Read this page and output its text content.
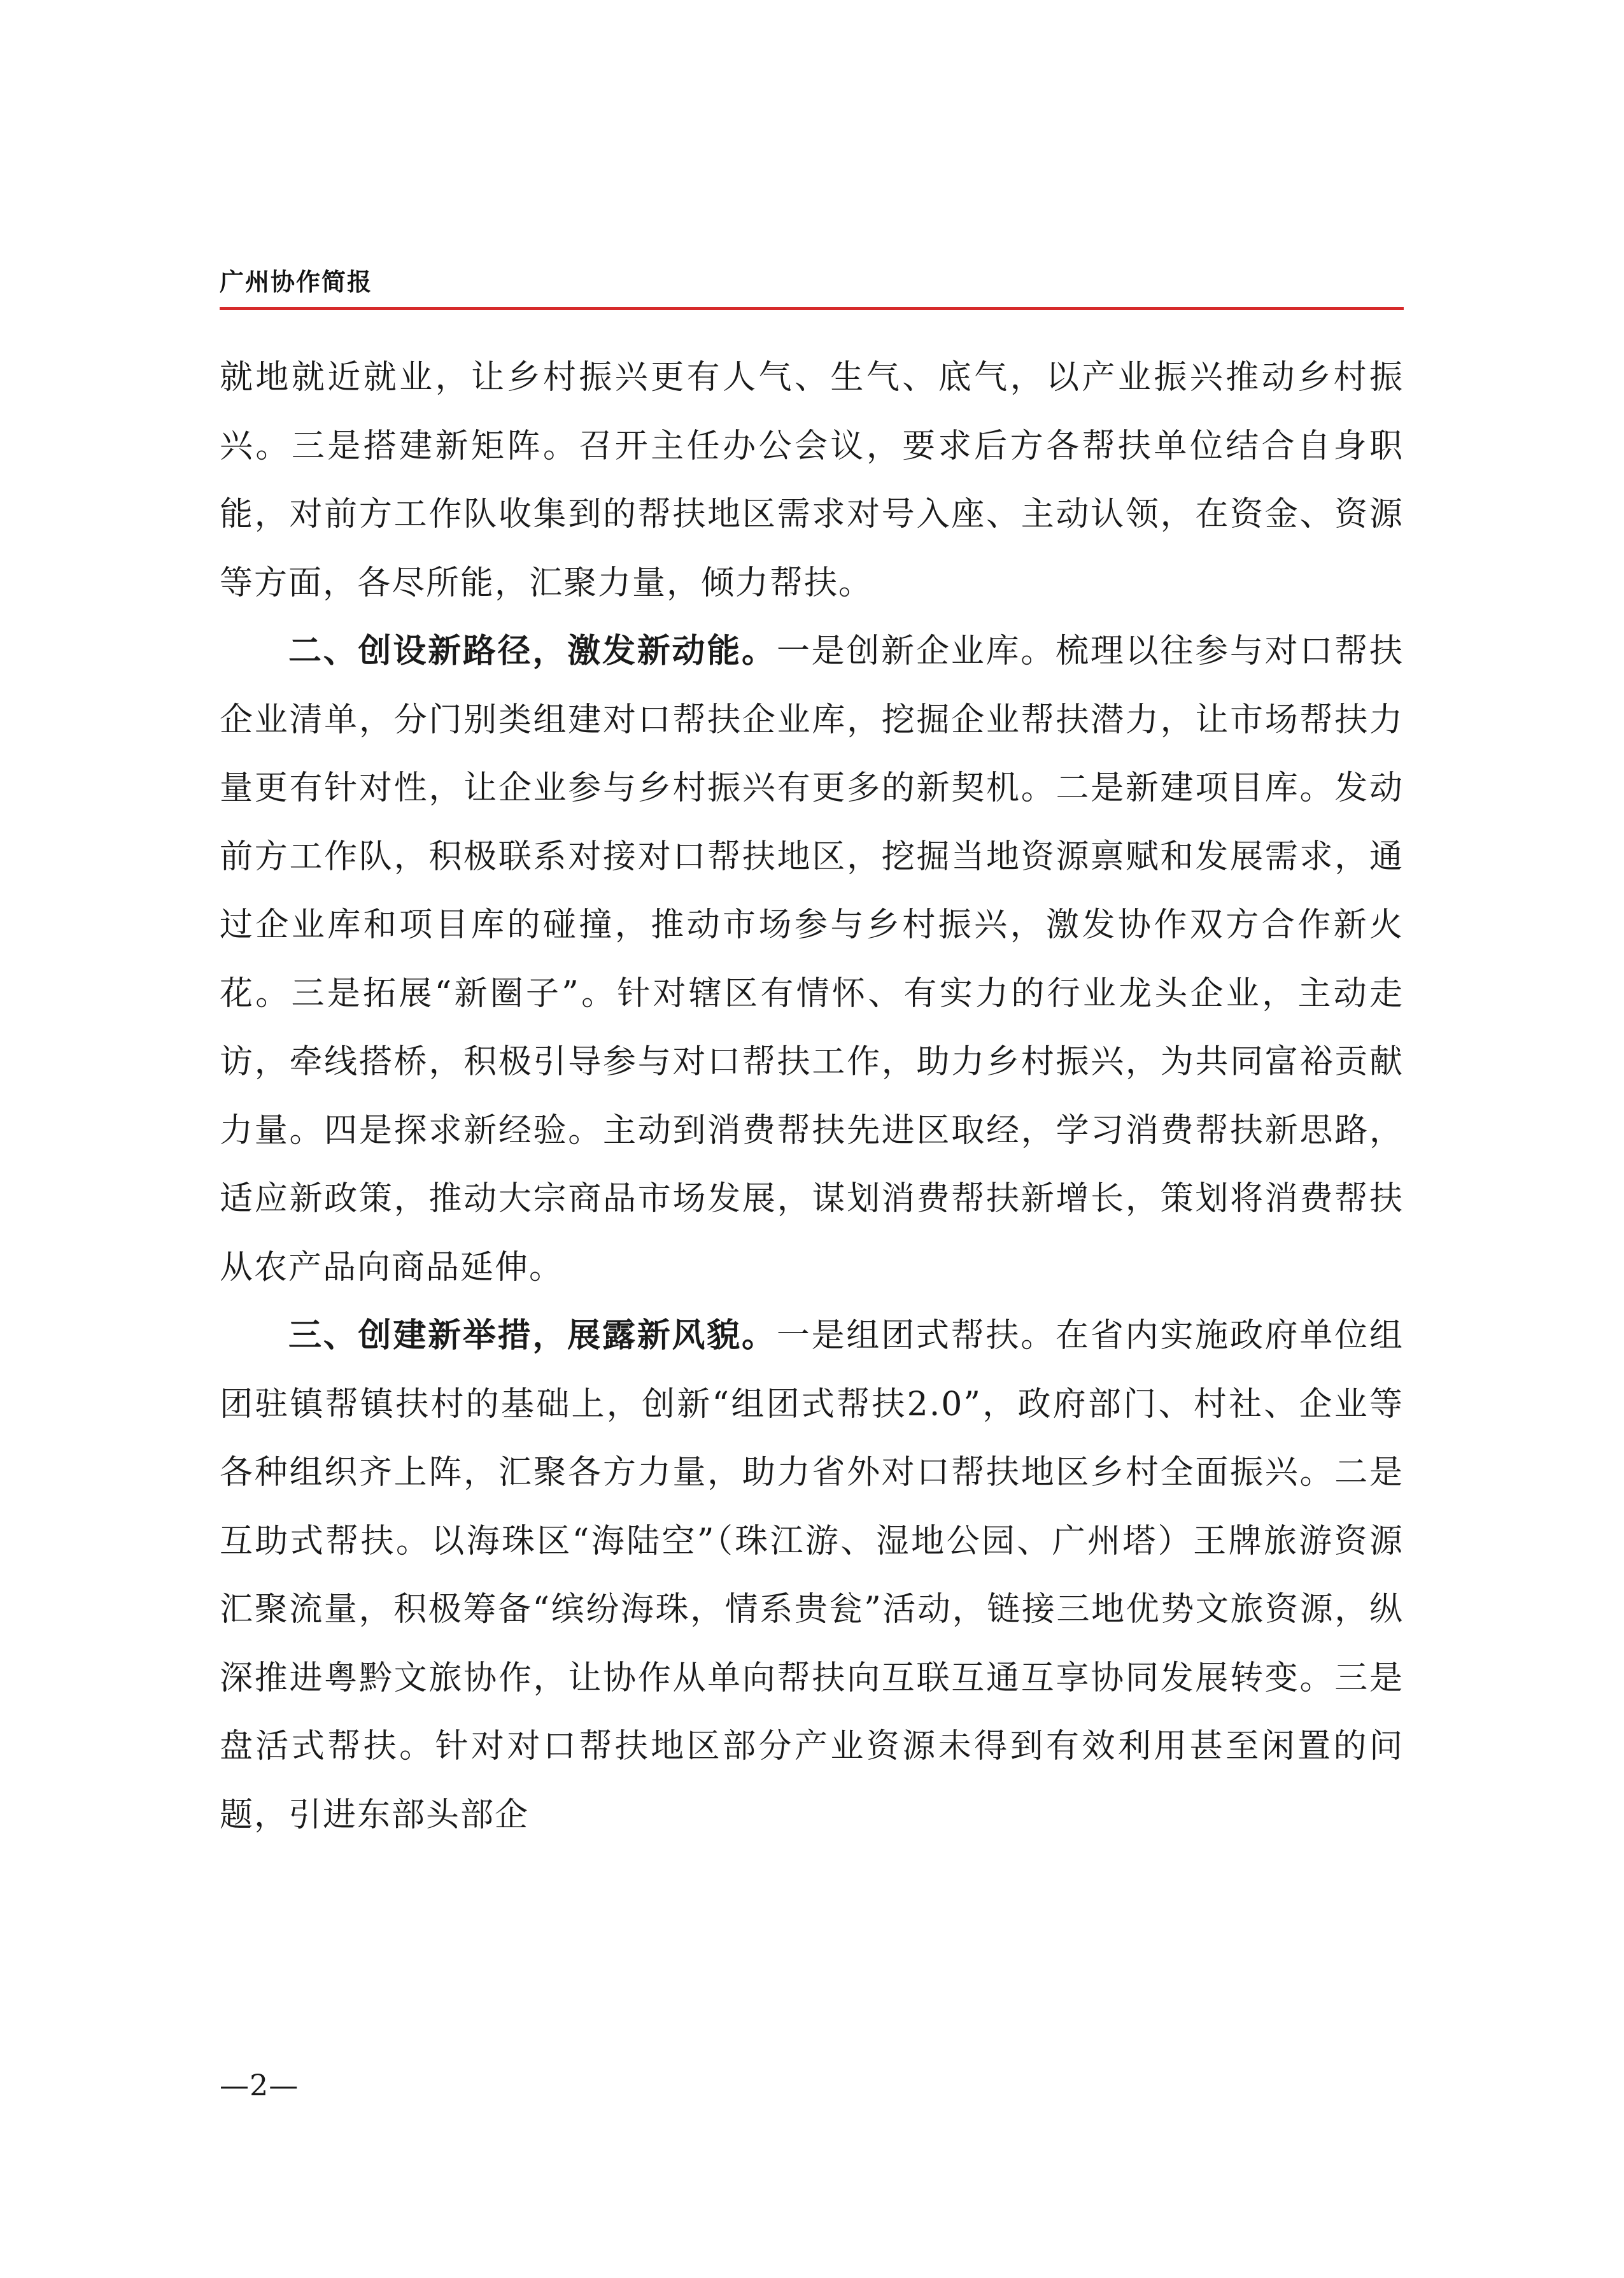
广州协作简报

就地就近就业，让乡村振兴更有人气、生气、底气，以产业振兴推动乡村振兴。三是搭建新矩阵。召开主任办公会议，要求后方各帮扶单位结合自身职能，对前方工作队收集到的帮扶地区需求对号入座、主动认领，在资金、资源等方面，各尽所能，汇聚力量，倾力帮扶。

二、创设新路径，激发新动能。一是创新企业库。梳理以往参与对口帮扶企业清单，分门别类组建对口帮扶企业库，挖掘企业帮扶潜力，让市场帮扶力量更有针对性，让企业参与乡村振兴有更多的新契机。二是新建项目库。发动前方工作队，积极联系对接对口帮扶地区，挖掘当地资源禀赋和发展需求，通过企业库和项目库的碰撞，推动市场参与乡村振兴，激发协作双方合作新火花。三是拓展“新圈子”。针对辖区有情怀、有实力的行业龙头企业，主动走访，牵线搭桥，积极引导参与对口帮扶工作，助力乡村振兴，为共同富裕贡献力量。四是探求新经验。主动到消费帮扶先进区取经，学习消费帮扶新思路，适应新政策，推动大宗商品市场发展，谋划消费帮扶新增长，策划将消费帮扶从农产品向商品延伸。

三、创建新举措，展露新风貌。一是组团式帮扶。在省内实施政府单位组团驻镇帮镇扶村的基础上，创新“组团式帮扶2.0”，政府部门、村社、企业等各种组织齐上阵，汇聚各方力量，助力省外对口帮扶地区乡村全面振兴。二是互助式帮扶。以海珠区“海陆空”（珠江游、湿地公园、广州塔）王牌旅游资源汇聚流量，积极筹备“缤纷海珠，情系贵瓮”活动，链接三地优势文旅资源，纵深推进粤黔文旅协作，让协作从单向帮扶向互联互通互享协同发展转变。三是盘活式帮扶。针对对口帮扶地区部分产业资源未得到有效利用甚至闲置的问题，引进东部头部企

—2—
